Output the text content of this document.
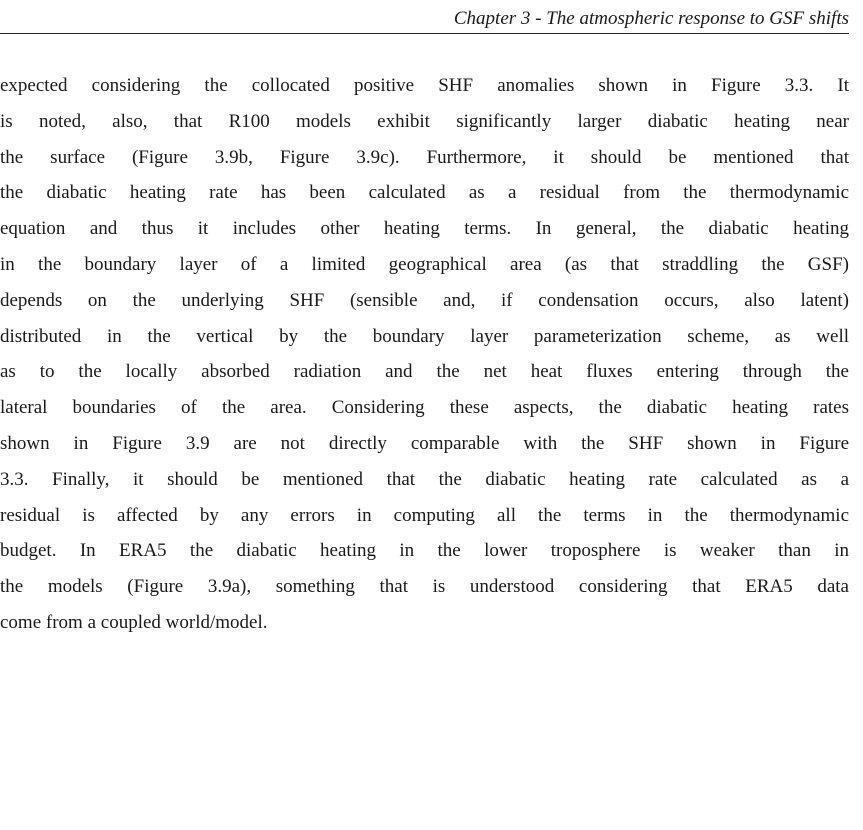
Chapter 3 - The atmospheric response to GSF shifts
expected considering the collocated positive SHF anomalies shown in Figure 3.3. It
is noted, also, that R100 models exhibit significantly larger diabatic heating near
the surface (Figure 3.9b, Figure 3.9c). Furthermore, it should be mentioned that
the diabatic heating rate has been calculated as a residual from the thermodynamic
equation and thus it includes other heating terms. In general, the diabatic heating
in the boundary layer of a limited geographical area (as that straddling the GSF)
depends on the underlying SHF (sensible and, if condensation occurs, also latent)
distributed in the vertical by the boundary layer parameterization scheme, as well
as to the locally absorbed radiation and the net heat fluxes entering through the
lateral boundaries of the area. Considering these aspects, the diabatic heating rates
shown in Figure 3.9 are not directly comparable with the SHF shown in Figure
3.3. Finally, it should be mentioned that the diabatic heating rate calculated as a
residual is affected by any errors in computing all the terms in the thermodynamic
budget. In ERA5 the diabatic heating in the lower troposphere is weaker than in
the models (Figure 3.9a), something that is understood considering that ERA5 data
come from a coupled world/model.
